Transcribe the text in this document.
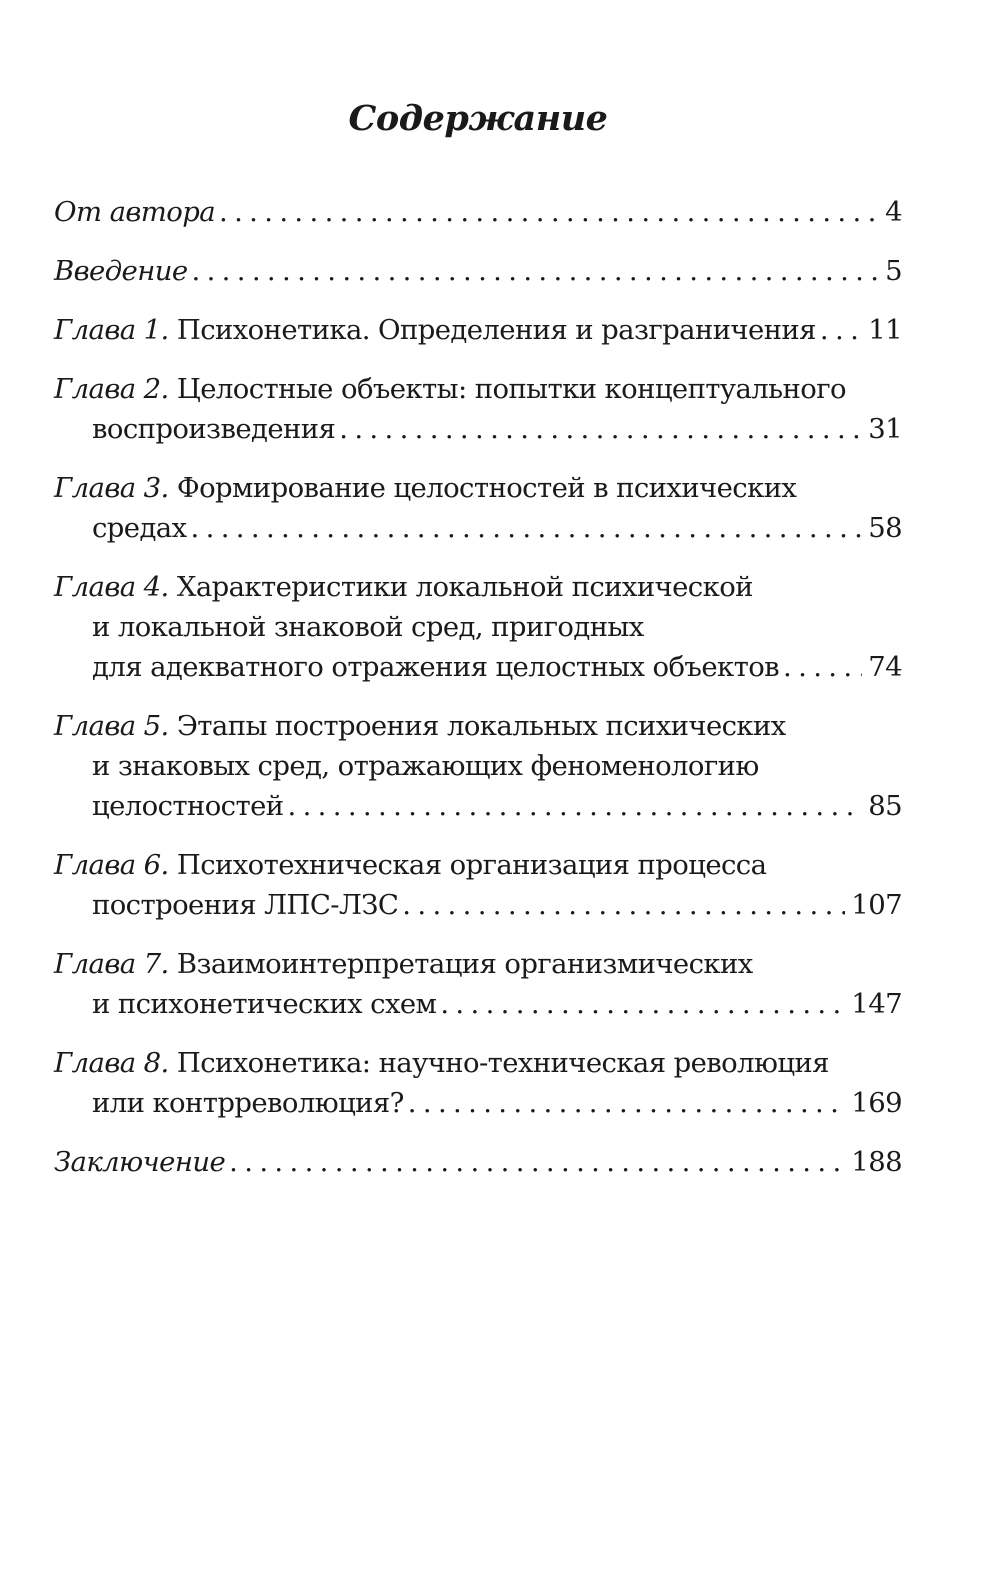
Содержание
От автора . . .	4
Введение . . .	5
Глава 1.
Психонетика. Определения и разграничения . . . 11
Глава 2.
Целостные объекты: попытки концептуального
воспроизведения . . .	31
Глава 3.
Формирование целостностей в психических
средах . . .	58
Глава 4.
Характеристики локальной психической
и локальной знаковой сред, пригодных
для адекватного отражения целостных объектов . . .	74
Глава 5.
Этапы построения локальных психических
и знаковых сред, отражающих феноменологию
целостностей . . .	85
Глава 6.
Психотехническая организация процесса
построения ЛПС-ЛЗС . . .	107
Глава 7.
Взаимоинтерпретация организмических
и психонетических схем . . .	147
Глава 8.
Психонетика: научно-техническая революция
или контрреволюция? . . .	169
Заключение . . .	188
